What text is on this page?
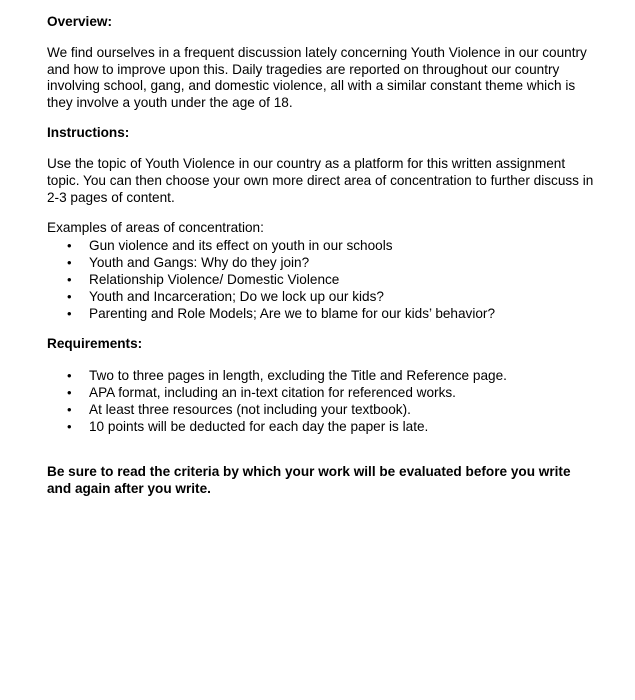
Overview:

We find ourselves in a frequent discussion lately concerning Youth Violence in our country and how to improve upon this. Daily tragedies are reported on throughout our country involving school, gang, and domestic violence, all with a similar constant theme which is they involve a youth under the age of 18.

Instructions:

Use the topic of Youth Violence in our country as a platform for this written assignment topic. You can then choose your own more direct area of concentration to further discuss in 2-3 pages of content.

Examples of areas of concentration:

• Gun violence and its effect on youth in our schools
• Youth and Gangs: Why do they join?
• Relationship Violence/ Domestic Violence
• Youth and Incarceration; Do we lock up our kids?
• Parenting and Role Models; Are we to blame for our kids’ behavior?

Requirements:

• Two to three pages in length, excluding the Title and Reference page.
• APA format, including an in-text citation for referenced works.
• At least three resources (not including your textbook).
• 10 points will be deducted for each day the paper is late.

Be sure to read the criteria by which your work will be evaluated before you write and again after you write.
